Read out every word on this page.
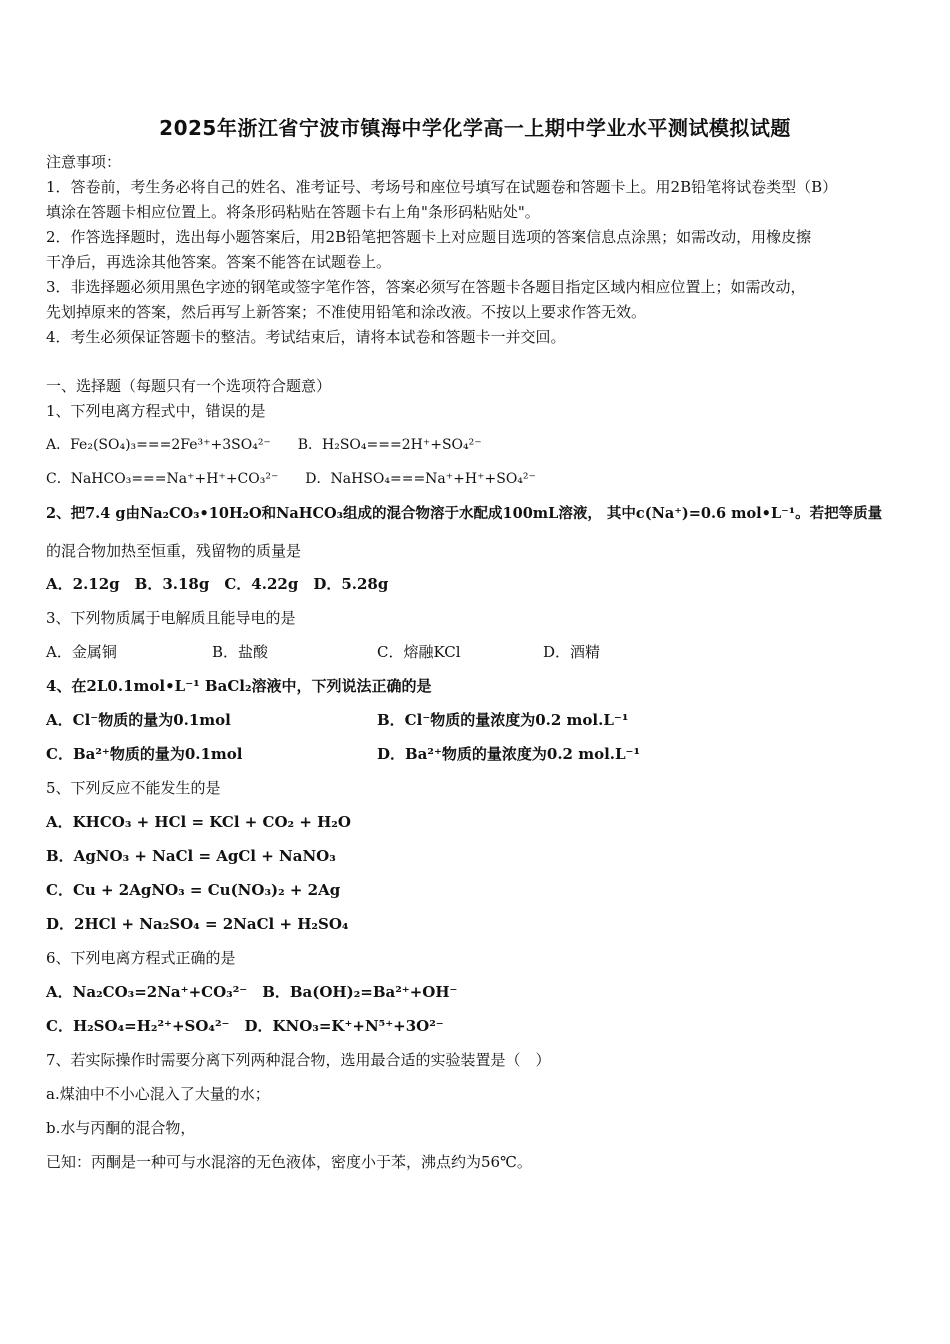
2025年浙江省宁波市镇海中学化学高一上期中学业水平测试模拟试题
注意事项：
1．答卷前，考生务必将自己的姓名、准考证号、考场号和座位号填写在试题卷和答题卡上。用2B铅笔将试卷类型（B）
填涂在答题卡相应位置上。将条形码粘贴在答题卡右上角"条形码粘贴处"。
2．作答选择题时，选出每小题答案后，用2B铅笔把答题卡上对应题目选项的答案信息点涂黑；如需改动，用橡皮擦
干净后，再选涂其他答案。答案不能答在试题卷上。
3．非选择题必须用黑色字迹的钢笔或签字笔作答，答案必须写在答题卡各题目指定区域内相应位置上；如需改动，
先划掉原来的答案，然后再写上新答案；不准使用铅笔和涂改液。不按以上要求作答无效。
4．考生必须保证答题卡的整洁。考试结束后，请将本试卷和答题卡一并交回。
一、选择题（每题只有一个选项符合题意）
1、下列电离方程式中，错误的是
A．Fe₂(SO₄)₃===2Fe³⁺+3SO₄²⁻ B．H₂SO₄===2H⁺+SO₄²⁻
C．NaHCO₃===Na⁺+H⁺+CO₃²⁻ D．NaHSO₄===Na⁺+H⁺+SO₄²⁻
2、把7.4 g由Na₂CO₃•10H₂O和NaHCO₃组成的混合物溶于水配成100mL溶液， 其中c(Na⁺)=0.6 mol•L⁻¹。若把等质量
的混合物加热至恒重，残留物的质量是
A．2.12g　B．3.18g　C．4.22g　D．5.28g
3、下列物质属于电解质且能导电的是
A．金属铜	B．盐酸	C．熔融KCl	D．酒精
4、在2L0.1mol•L⁻¹ BaCl₂溶液中，下列说法正确的是
A．Cl⁻物质的量为0.1mol	B．Cl⁻物质的量浓度为0.2 mol.L⁻¹
C．Ba²⁺物质的量为0.1mol	D．Ba²⁺物质的量浓度为0.2 mol.L⁻¹
5、下列反应不能发生的是
A．KHCO₃ + HCl = KCl + CO₂ + H₂O
B．AgNO₃ + NaCl = AgCl + NaNO₃
C．Cu + 2AgNO₃ = Cu(NO₃)₂ + 2Ag
D．2HCl + Na₂SO₄ = 2NaCl + H₂SO₄
6、下列电离方程式正确的是
A．Na₂CO₃=2Na⁺+CO₃²⁻　B．Ba(OH)₂=Ba²⁺+OH⁻
C．H₂SO₄=H₂²⁺+SO₄²⁻　D．KNO₃=K⁺+N⁵⁺+3O²⁻
7、若实际操作时需要分离下列两种混合物，选用最合适的实验装置是（　）
a.煤油中不小心混入了大量的水；
b.水与丙酮的混合物，
已知：丙酮是一种可与水混溶的无色液体，密度小于苯，沸点约为56℃。
